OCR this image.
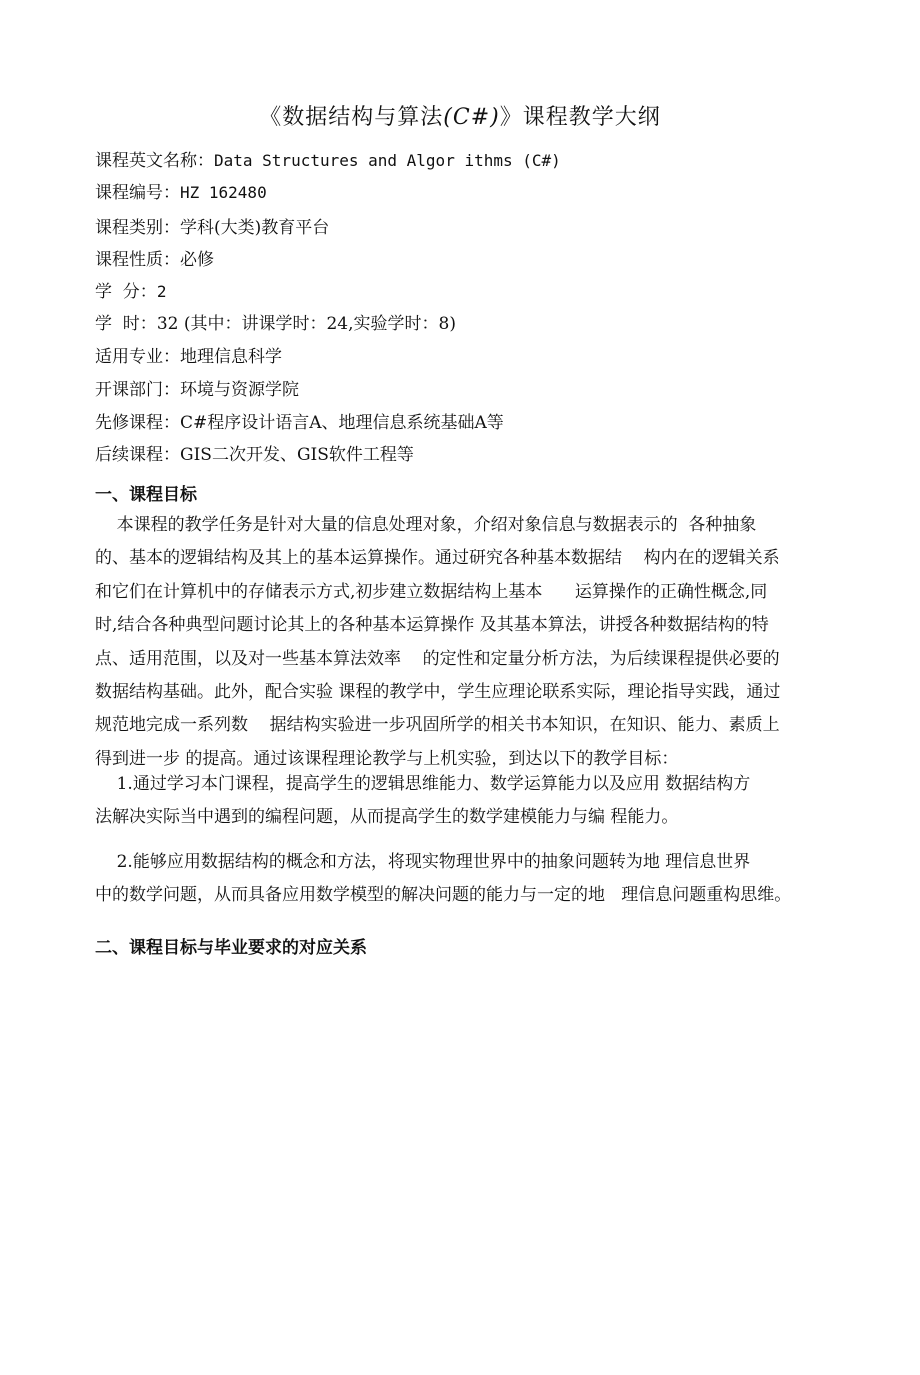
《数据结构与算法(C#)》课程教学大纲
课程英文名称：Data Structures and Algor ithms (C#)
课程编号：HZ 162480
课程类别：学科(大类)教育平台
课程性质：必修
学  分：2
学  时：32 (其中：讲课学时：24,实验学时：8)
适用专业：地理信息科学
开课部门：环境与资源学院
先修课程：C#程序设计语言A、地理信息系统基础A等
后续课程：GIS二次开发、GIS软件工程等
一、课程目标
本课程的教学任务是针对大量的信息处理对象，介绍对象信息与数据表示的  各种抽象
的、基本的逻辑结构及其上的基本运算操作。通过研究各种基本数据结    构内在的逻辑关系
和它们在计算机中的存储表示方式,初步建立数据结构上基本      运算操作的正确性概念,同
时,结合各种典型问题讨论其上的各种基本运算操作 及其基本算法，讲授各种数据结构的特
点、适用范围，以及对一些基本算法效率    的定性和定量分析方法，为后续课程提供必要的
数据结构基础。此外，配合实验 课程的教学中，学生应理论联系实际，理论指导实践，通过
规范地完成一系列数    据结构实验进一步巩固所学的相关书本知识，在知识、能力、素质上
得到进一步 的提高。通过该课程理论教学与上机实验，到达以下的教学目标：
1.通过学习本门课程，提高学生的逻辑思维能力、数学运算能力以及应用 数据结构方
法解决实际当中遇到的编程问题，从而提高学生的数学建模能力与编 程能力。
2.能够应用数据结构的概念和方法，将现实物理世界中的抽象问题转为地 理信息世界
中的数学问题，从而具备应用数学模型的解决问题的能力与一定的地   理信息问题重构思维。
二、课程目标与毕业要求的对应关系
